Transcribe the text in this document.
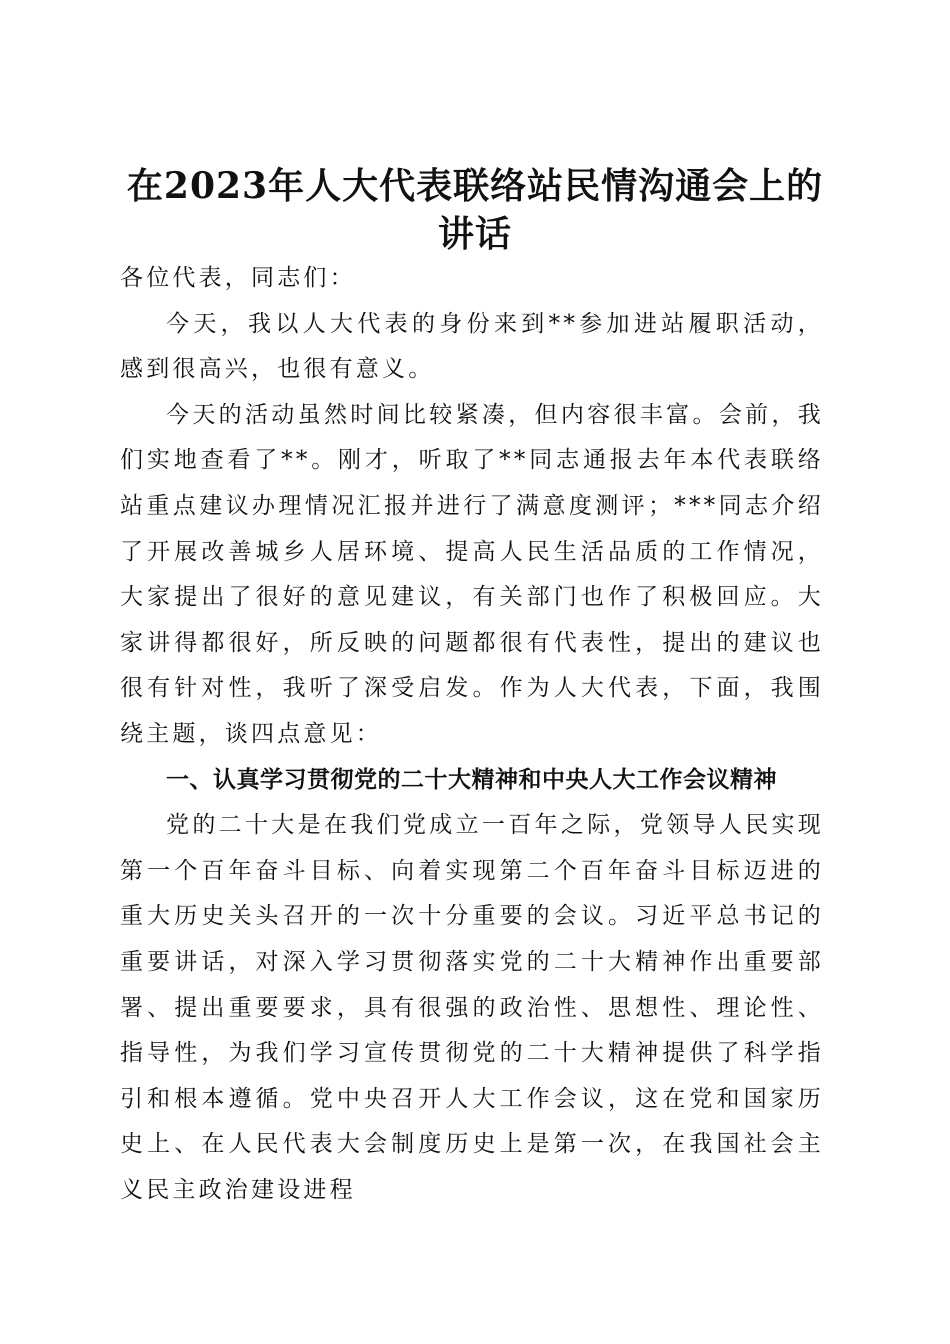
在2023年人大代表联络站民情沟通会上的讲话

各位代表，同志们：

今天，我以人大代表的身份来到**参加进站履职活动，感到很高兴，也很有意义。

今天的活动虽然时间比较紧凑，但内容很丰富。会前，我们实地查看了**。刚才，听取了**同志通报去年本代表联络站重点建议办理情况汇报并进行了满意度测评；***同志介绍了开展改善城乡人居环境、提高人民生活品质的工作情况，大家提出了很好的意见建议，有关部门也作了积极回应。大家讲得都很好，所反映的问题都很有代表性，提出的建议也很有针对性，我听了深受启发。作为人大代表，下面，我围绕主题，谈四点意见：

一、认真学习贯彻党的二十大精神和中央人大工作会议精神

党的二十大是在我们党成立一百年之际，党领导人民实现第一个百年奋斗目标、向着实现第二个百年奋斗目标迈进的重大历史关头召开的一次十分重要的会议。习近平总书记的重要讲话，对深入学习贯彻落实党的二十大精神作出重要部署、提出重要要求，具有很强的政治性、思想性、理论性、指导性，为我们学习宣传贯彻党的二十大精神提供了科学指引和根本遵循。党中央召开人大工作会议，这在党和国家历史上、在人民代表大会制度历史上是第一次，在我国社会主义民主政治建设进程
